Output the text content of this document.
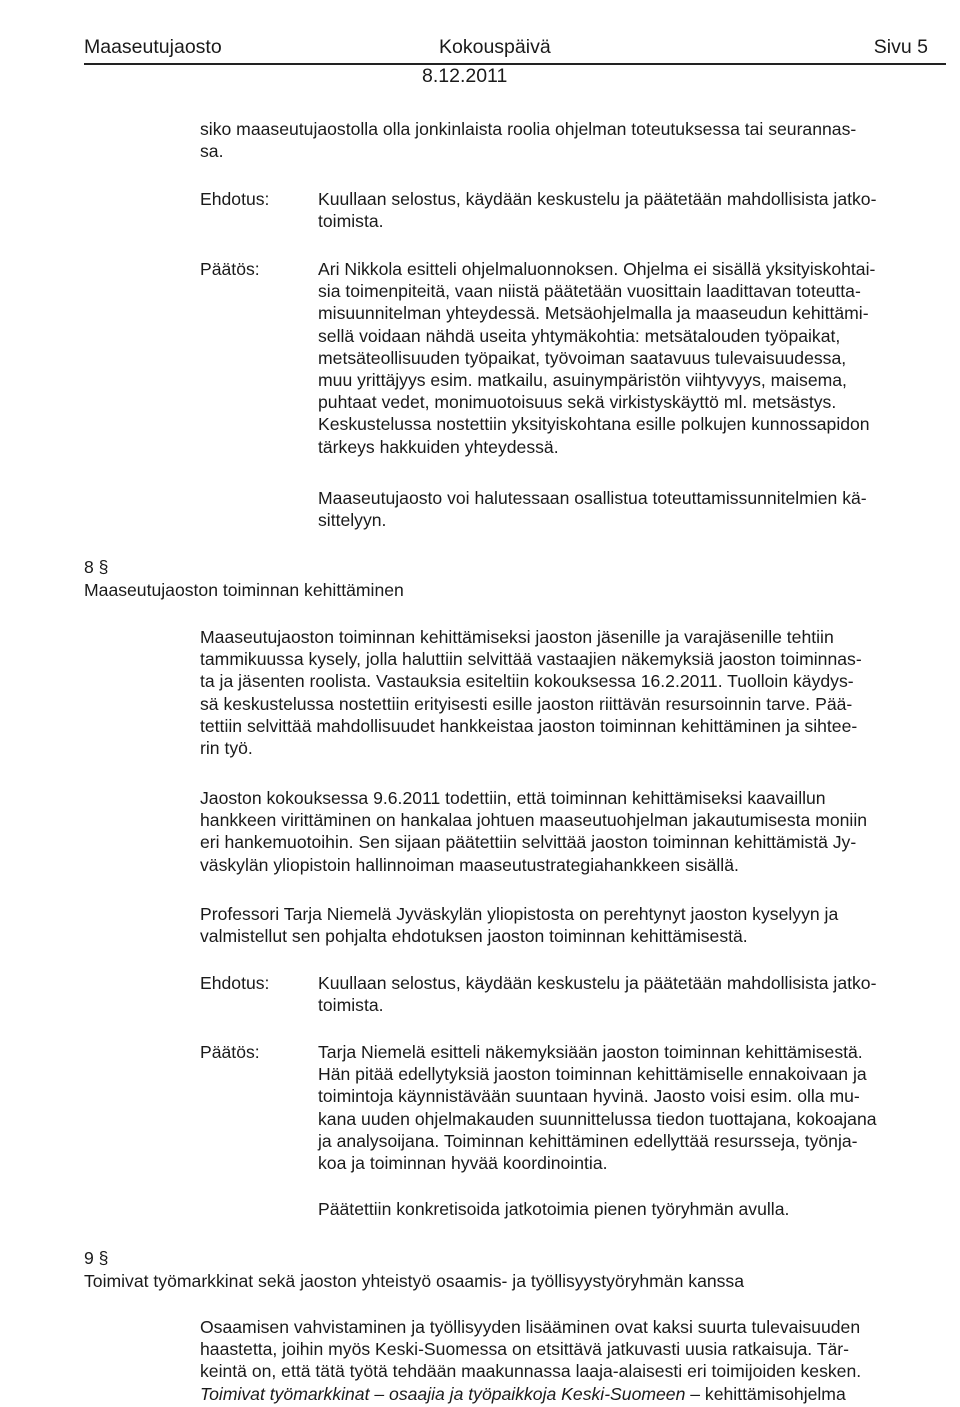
Maaseutujaosto	Kokouspäivä	Sivu 5
8.12.2011

siko maaseutujaostolla olla jonkinlaista roolia ohjelman toteutuksessa tai seurannas-

sa.

Ehdotus:	Kuullaan selostus, käydään keskustelu ja päätetään mahdollisista jatko-

toimista.

Päätös:	Ari Nikkola esitteli ohjelmaluonnoksen. Ohjelma ei sisällä yksityiskohtai-

sia toimenpiteitä, vaan niistä päätetään vuosittain laadittavan toteutta-

misuunnitelman yhteydessä. Metsäohjelmalla ja maaseudun kehittämi-

sellä voidaan nähdä useita yhtymäkohtia: metsätalouden työpaikat,

metsäteollisuuden työpaikat, työvoiman saatavuus tulevaisuudessa,

muu yrittäjyys esim. matkailu, asuinympäristön viihtyvyys, maisema,

puhtaat vedet, monimuotoisuus sekä virkistyskäyttö ml. metsästys.

Keskustelussa nostettiin yksityiskohtana esille polkujen kunnossapidon

tärkeys hakkuiden yhteydessä.

Maaseutujaosto voi halutessaan osallistua toteuttamissunnitelmien kä-

sittelyyn.

8 §
Maaseutujaoston toiminnan kehittäminen

Maaseutujaoston toiminnan kehittämiseksi jaoston jäsenille ja varajäsenille tehtiin

tammikuussa kysely, jolla haluttiin selvittää vastaajien näkemyksiä jaoston toiminnas-

ta ja jäsenten roolista. Vastauksia esiteltiin kokouksessa 16.2.2011. Tuolloin käydys-

sä keskustelussa nostettiin erityisesti esille jaoston riittävän resursoinnin tarve. Pää-

tettiin selvittää mahdollisuudet hankkeistaa jaoston toiminnan kehittäminen ja sihtee-

rin työ.

Jaoston kokouksessa 9.6.2011 todettiin, että toiminnan kehittämiseksi kaavaillun

hankkeen virittäminen on hankalaa johtuen maaseutuohjelman jakautumisesta moniin

eri hankemuotoihin. Sen sijaan päätettiin selvittää jaoston toiminnan kehittämistä Jy-

väskylän yliopistoin hallinnoiman maaseutustrategiahankkeen sisällä.

Professori Tarja Niemelä Jyväskylän yliopistosta on perehtynyt jaoston kyselyyn ja

valmistellut sen pohjalta ehdotuksen jaoston toiminnan kehittämisestä.

Ehdotus:	Kuullaan selostus, käydään keskustelu ja päätetään mahdollisista jatko-

toimista.

Päätös:	Tarja Niemelä esitteli näkemyksiään jaoston toiminnan kehittämisestä.

Hän pitää edellytyksiä jaoston toiminnan kehittämiselle ennakoivaan ja

toimintoja käynnistävään suuntaan hyvinä. Jaosto voisi esim. olla mu-

kana uuden ohjelmakauden suunnittelussa tiedon tuottajana, kokoajana

ja analysoijana. Toiminnan kehittäminen edellyttää resursseja, työnja-

koa ja toiminnan hyvää koordinointia.

Päätettiin konkretisoida jatkotoimia pienen työryhmän avulla.

9 §
Toimivat työmarkkinat sekä jaoston yhteistyö osaamis- ja työllisyystyöryhmän kanssa

Osaamisen vahvistaminen ja työllisyyden lisääminen ovat kaksi suurta tulevaisuuden

haastetta, joihin myös Keski-Suomessa on etsittävä jatkuvasti uusia ratkaisuja. Tär-

keintä on, että tätä työtä tehdään maakunnassa laaja-alaisesti eri toimijoiden kesken.

Toimivat työmarkkinat – osaajia ja työpaikkoja Keski-Suomeen – kehittämisohjelma
